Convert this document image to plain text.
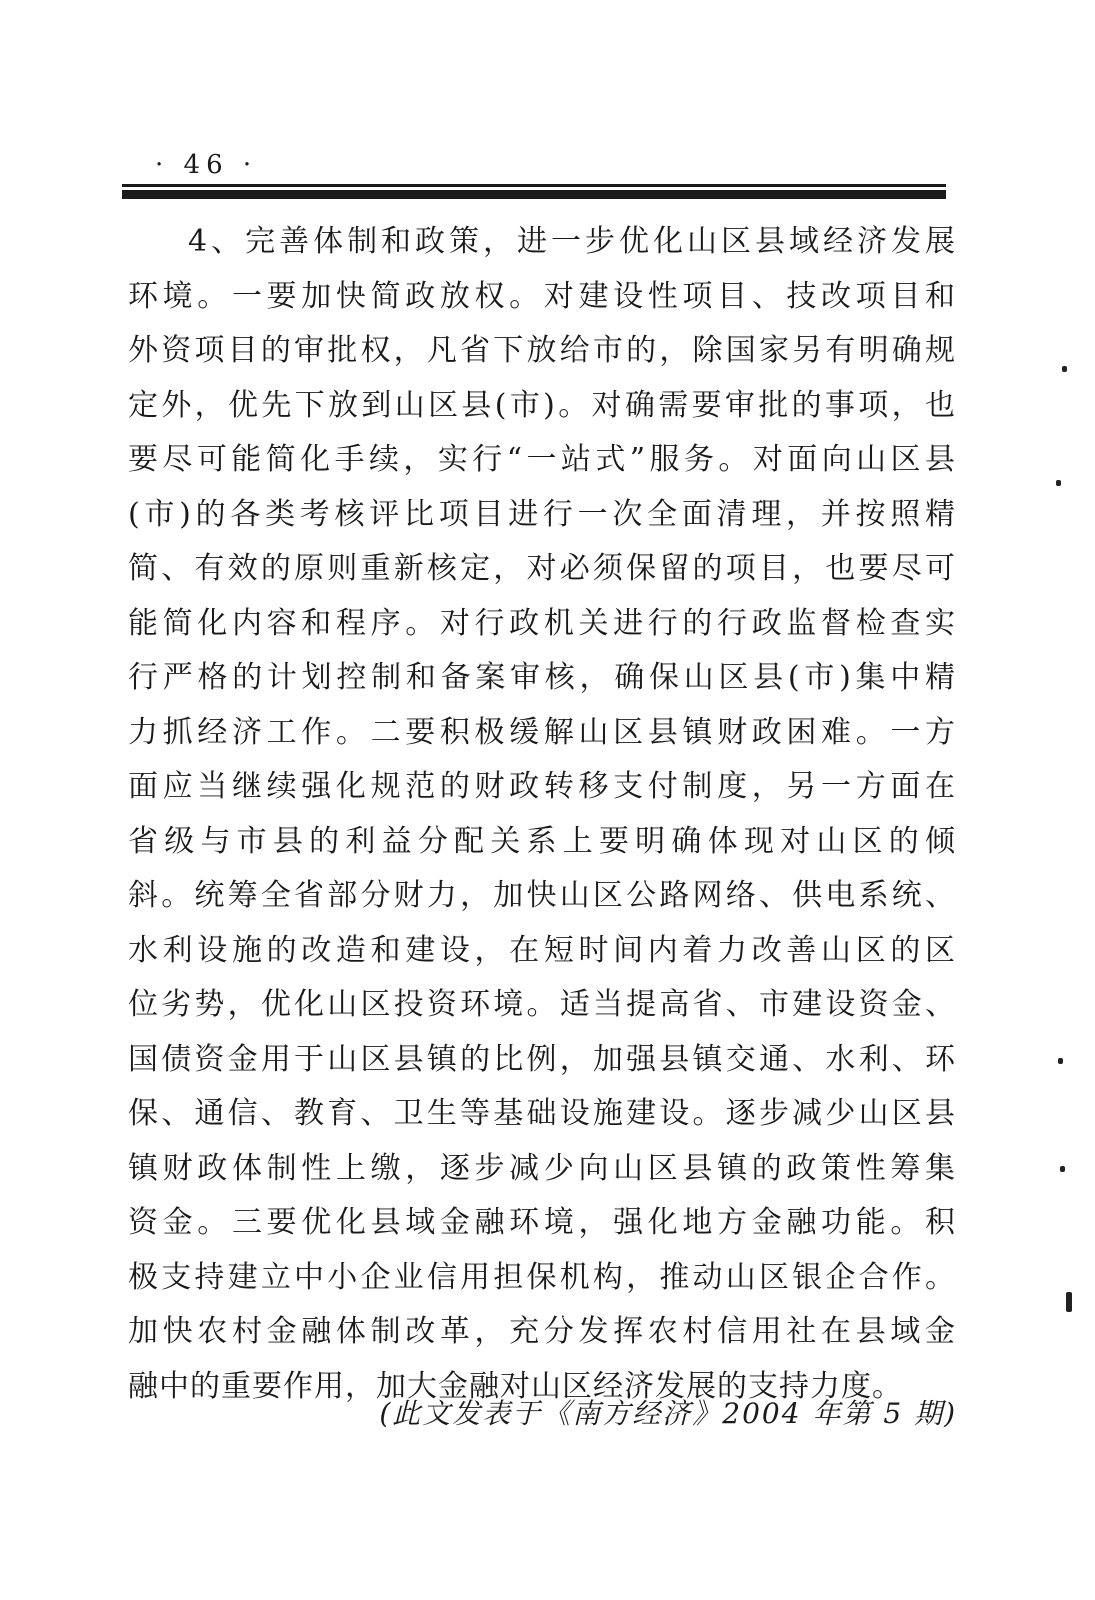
· 46 ·
4、完善体制和政策，进一步优化山区县域经济发展
环境。一要加快简政放权。对建设性项目、技改项目和
外资项目的审批权，凡省下放给市的，除国家另有明确规
定外，优先下放到山区县(市)。对确需要审批的事项，也
要尽可能简化手续，实行“一站式”服务。对面向山区县
(市)的各类考核评比项目进行一次全面清理，并按照精
简、有效的原则重新核定，对必须保留的项目，也要尽可
能简化内容和程序。对行政机关进行的行政监督检查实
行严格的计划控制和备案审核，确保山区县(市)集中精
力抓经济工作。二要积极缓解山区县镇财政困难。一方
面应当继续强化规范的财政转移支付制度，另一方面在
省级与市县的利益分配关系上要明确体现对山区的倾
斜。统筹全省部分财力，加快山区公路网络、供电系统、
水利设施的改造和建设，在短时间内着力改善山区的区
位劣势，优化山区投资环境。适当提高省、市建设资金、
国债资金用于山区县镇的比例，加强县镇交通、水利、环
保、通信、教育、卫生等基础设施建设。逐步减少山区县
镇财政体制性上缴，逐步减少向山区县镇的政策性筹集
资金。三要优化县域金融环境，强化地方金融功能。积
极支持建立中小企业信用担保机构，推动山区银企合作。
加快农村金融体制改革，充分发挥农村信用社在县域金
融中的重要作用，加大金融对山区经济发展的支持力度。
(此文发表于《南方经济》2004 年第 5 期)
